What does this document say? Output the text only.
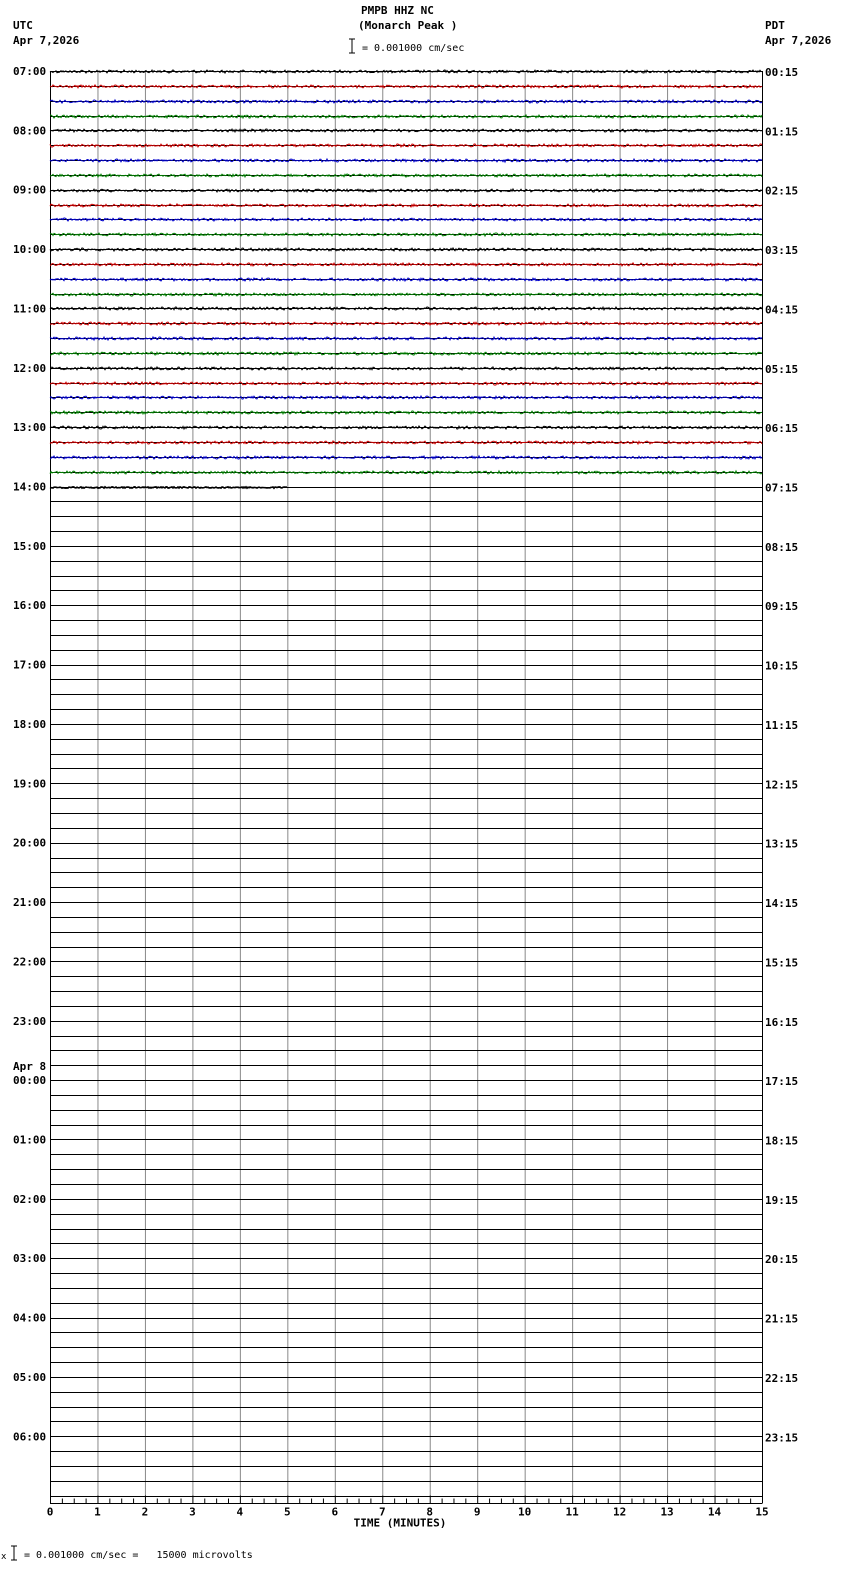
PMPB HHZ NC
(Monarch Peak )
UTC
Apr 7,2026
PDT
Apr 7,2026
= 0.001000 cm/sec
07:00
08:00
09:00
10:00
11:00
12:00
13:00
14:00
15:00
16:00
17:00
18:00
19:00
20:00
21:00
22:00
23:00
00:00
01:00
02:00
03:00
04:00
05:00
06:00
Apr 8
00:15
01:15
02:15
03:15
04:15
05:15
06:15
07:15
08:15
09:15
10:15
11:15
12:15
13:15
14:15
15:15
16:15
17:15
18:15
19:15
20:15
21:15
22:15
23:15
0	1	2	3	4	5	6	7	8	9	10	11	12	13	14	15
TIME (MINUTES)
x = 0.001000 cm/sec =   15000 microvolts
